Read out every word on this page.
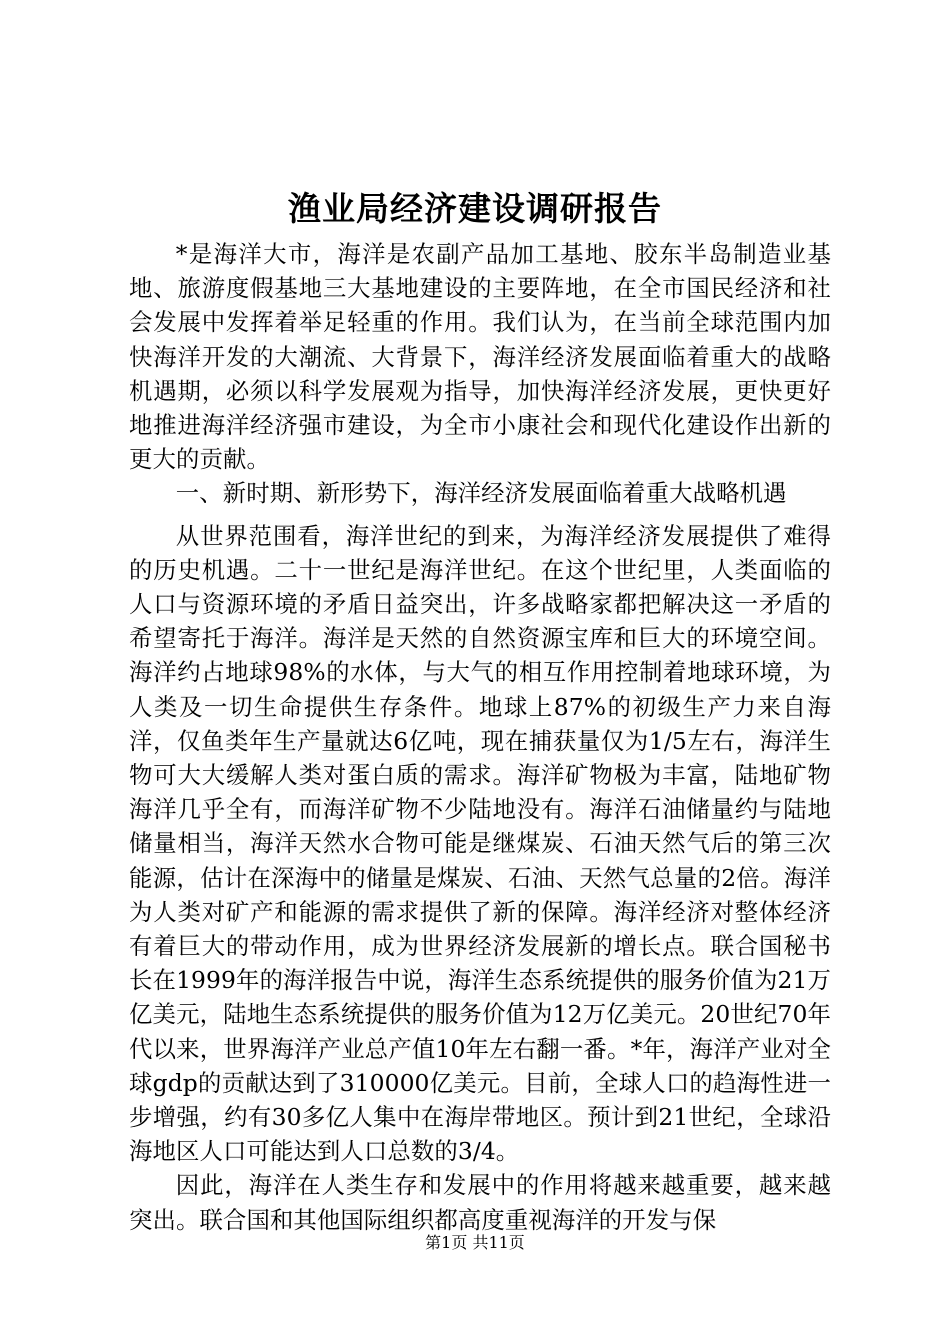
渔业局经济建设调研报告

*是海洋大市，海洋是农副产品加工基地、胶东半岛制造业基地、旅游度假基地三大基地建设的主要阵地，在全市国民经济和社会发展中发挥着举足轻重的作用。我们认为，在当前全球范围内加快海洋开发的大潮流、大背景下，海洋经济发展面临着重大的战略机遇期，必须以科学发展观为指导，加快海洋经济发展，更快更好地推进海洋经济强市建设，为全市小康社会和现代化建设作出新的更大的贡献。

一、新时期、新形势下，海洋经济发展面临着重大战略机遇

从世界范围看，海洋世纪的到来，为海洋经济发展提供了难得的历史机遇。二十一世纪是海洋世纪。在这个世纪里，人类面临的人口与资源环境的矛盾日益突出，许多战略家都把解决这一矛盾的希望寄托于海洋。海洋是天然的自然资源宝库和巨大的环境空间。海洋约占地球98%的水体，与大气的相互作用控制着地球环境，为人类及一切生命提供生存条件。地球上87%的初级生产力来自海洋，仅鱼类年生产量就达6亿吨，现在捕获量仅为1/5左右，海洋生物可大大缓解人类对蛋白质的需求。海洋矿物极为丰富，陆地矿物海洋几乎全有，而海洋矿物不少陆地没有。海洋石油储量约与陆地储量相当，海洋天然水合物可能是继煤炭、石油天然气后的第三次能源，估计在深海中的储量是煤炭、石油、天然气总量的2倍。海洋为人类对矿产和能源的需求提供了新的保障。海洋经济对整体经济有着巨大的带动作用，成为世界经济发展新的增长点。联合国秘书长在1999年的海洋报告中说，海洋生态系统提供的服务价值为21万亿美元，陆地生态系统提供的服务价值为12万亿美元。20世纪70年代以来，世界海洋产业总产值10年左右翻一番。*年，海洋产业对全球gdp的贡献达到了310000亿美元。目前，全球人口的趋海性进一步增强，约有30多亿人集中在海岸带地区。预计到21世纪，全球沿海地区人口可能达到人口总数的3/4。

因此，海洋在人类生存和发展中的作用将越来越重要，越来越突出。联合国和其他国际组织都高度重视海洋的开发与保

第1页 共11页
